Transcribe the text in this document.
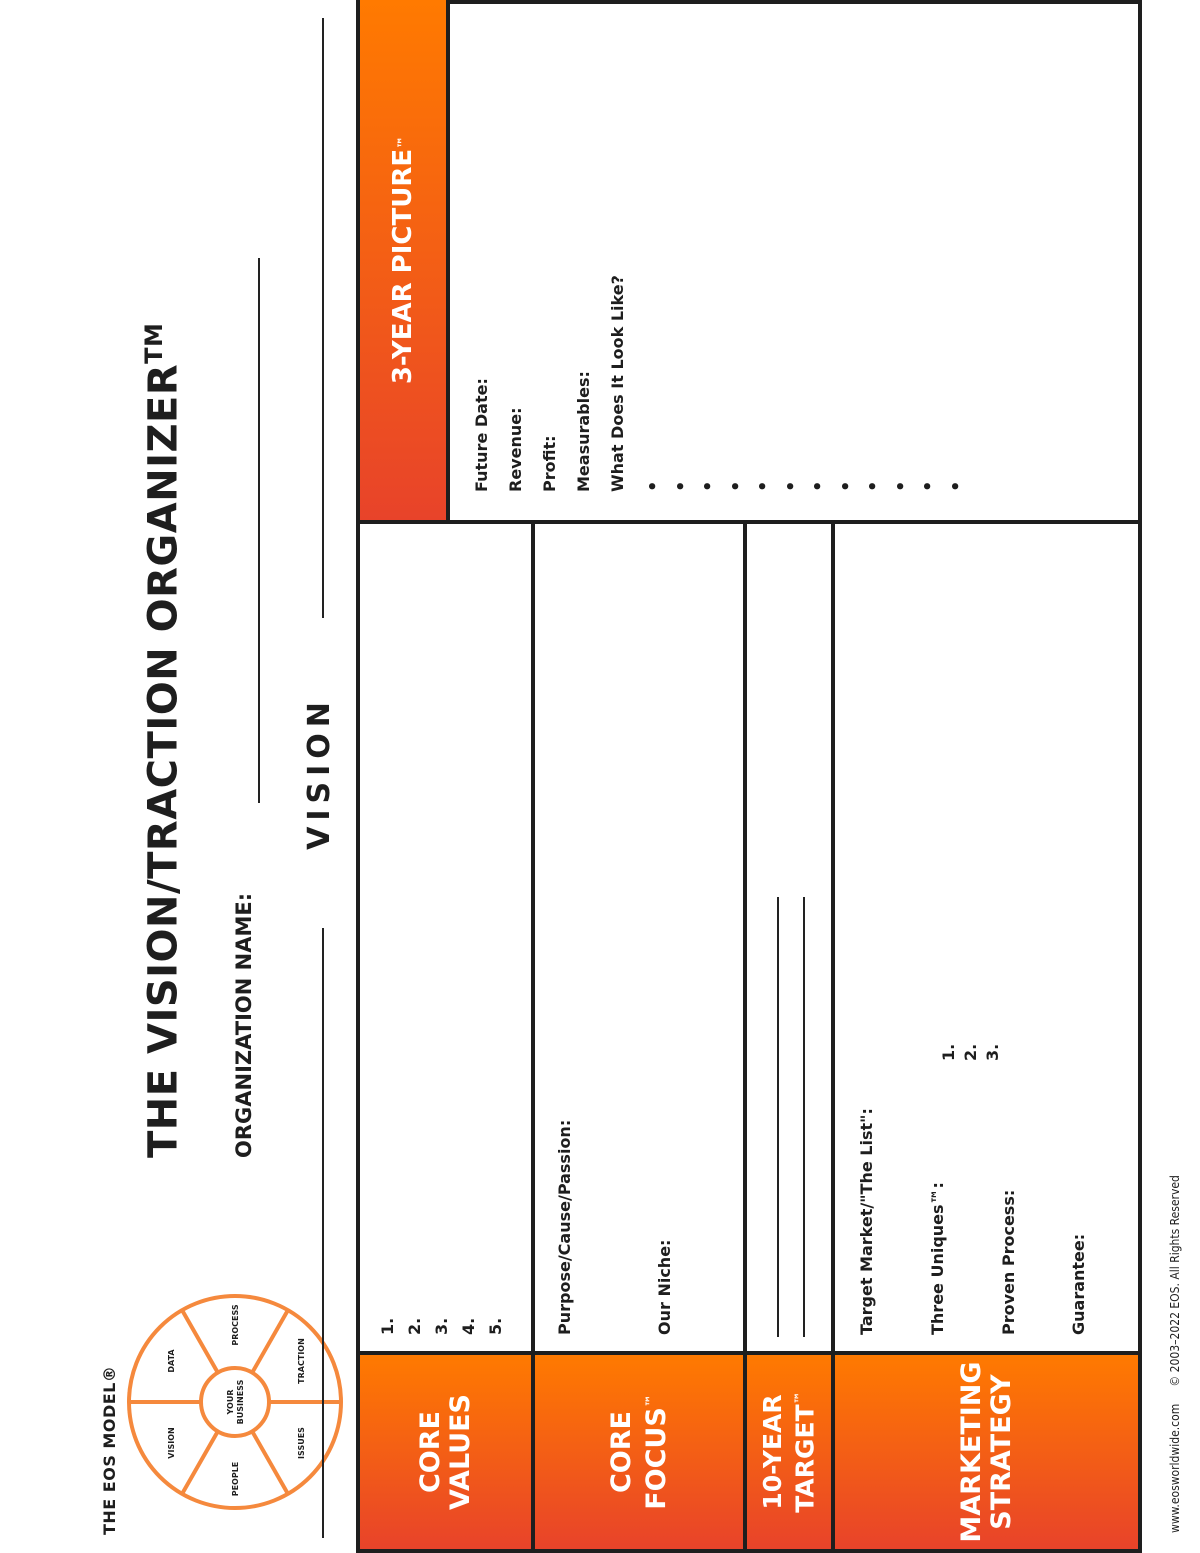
THE EOS MODEL®	YOURBUSINESS
VISION
DATA
PROCESS
TRACTION
ISSUES
PEOPLE
THE VISION/TRACTION ORGANIZER™
ORGANIZATION NAME:
VISION
CORE
VALUES
1. 2. 3. 4. 5.
CORE FOCUS™
Purpose/Cause/Passion:	Our Niche:
10-YEAR TARGET™	MARKETING
STRATEGY
Target Market/"The List":	Three Uniques™:
1. 2. 3.
Proven Process:	Guarantee:
3-YEAR PICTURE
™
Future Date: Revenue: Profit: Measurables: What Does It Look Like? • • • • • • • • • • • •
www.eosworldwide.com     © 2003–2022 EOS. All Rights Reserved
